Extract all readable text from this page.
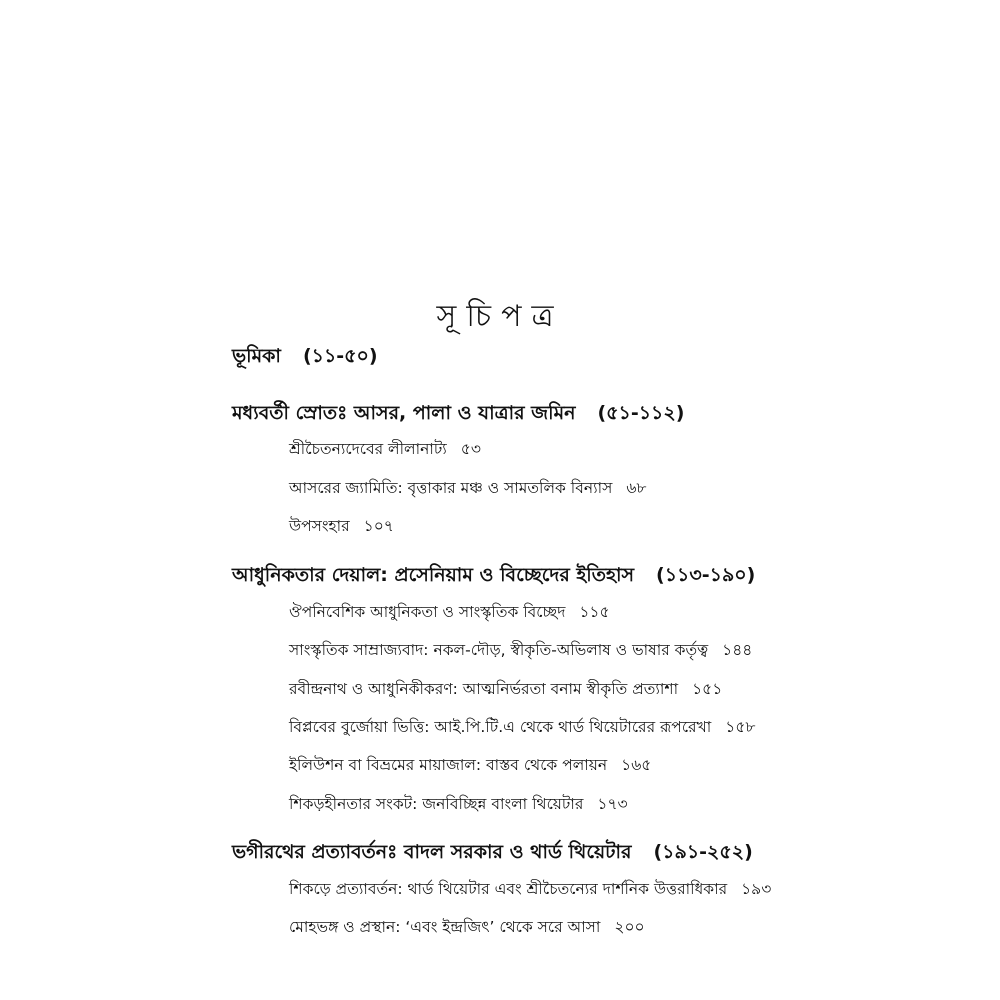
সূচিপত্র
ভূমিকা (১১-৫০)
মধ্যবর্তী স্রোতঃ আসর, পালা ও যাত্রার জমিন (৫১-১১২)
শ্রীচৈতন্যদেবের লীলানাট্য ৫৩
আসরের জ্যামিতি: বৃত্তাকার মঞ্চ ও সামতলিক বিন্যাস ৬৮
উপসংহার ১০৭
আধুনিকতার দেয়াল: প্রসেনিয়াম ও বিচ্ছেদের ইতিহাস (১১৩-১৯০)
ঔপনিবেশিক আধুনিকতা ও সাংস্কৃতিক বিচ্ছেদ ১১৫
সাংস্কৃতিক সাম্রাজ্যবাদ: নকল-দৌড়, স্বীকৃতি-অভিলাষ ও ভাষার কর্তৃত্ব ১৪৪
রবীন্দ্রনাথ ও আধুনিকীকরণ: আত্মনির্ভরতা বনাম স্বীকৃতি প্রত্যাশা ১৫১
বিপ্লবের বুর্জোয়া ভিত্তি: আই.পি.টি.এ থেকে থার্ড থিয়েটারের রূপরেখা ১৫৮
ইলিউশন বা বিভ্রমের মায়াজাল: বাস্তব থেকে পলায়ন ১৬৫
শিকড়হীনতার সংকট: জনবিচ্ছিন্ন বাংলা থিয়েটার ১৭৩
ভগীরথের প্রত্যাবর্তনঃ বাদল সরকার ও থার্ড থিয়েটার (১৯১-২৫২)
শিকড়ে প্রত্যাবর্তন: থার্ড থিয়েটার এবং শ্রীচৈতন্যের দার্শনিক উত্তরাধিকার ১৯৩
মোহভঙ্গ ও প্রস্থান: ‘এবং ইন্দ্রজিৎ’ থেকে সরে আসা ২০০
